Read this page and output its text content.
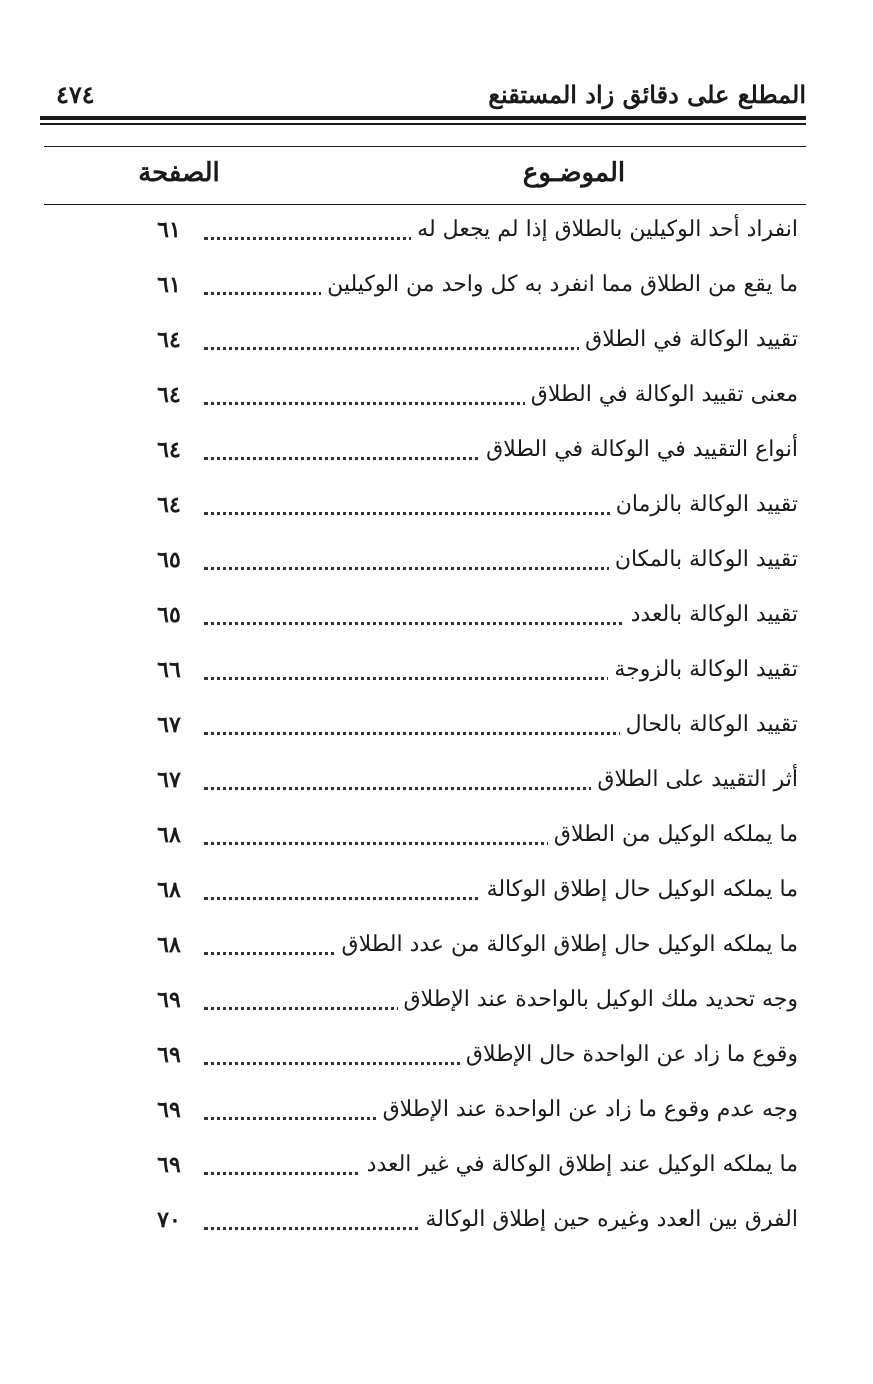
٤٧٤	المطلع على دقائق زاد المستقنع
الموضـوع
الصفحة
انفراد أحد الوكيلين بالطلاق إذا لم يجعل له
٦١
ما يقع من الطلاق مما انفرد به كل واحد من الوكيلين
٦١
تقييد الوكالة في الطلاق
٦٤
معنى تقييد الوكالة في الطلاق
٦٤
أنواع التقييد في الوكالة في الطلاق
٦٤
تقييد الوكالة بالزمان
٦٤
تقييد الوكالة بالمكان
٦٥
تقييد الوكالة بالعدد
٦٥
تقييد الوكالة بالزوجة
٦٦
تقييد الوكالة بالحال
٦٧
أثر التقييد على الطلاق
٦٧
ما يملكه الوكيل من الطلاق
٦٨
ما يملكه الوكيل حال إطلاق الوكالة
٦٨
ما يملكه الوكيل حال إطلاق الوكالة من عدد الطلاق
٦٨
وجه تحديد ملك الوكيل بالواحدة عند الإطلاق
٦٩
وقوع ما زاد عن الواحدة حال الإطلاق
٦٩
وجه عدم وقوع ما زاد عن الواحدة عند الإطلاق
٦٩
ما يملكه الوكيل عند إطلاق الوكالة في غير العدد
٦٩
الفرق بين العدد وغيره حين إطلاق الوكالة
٧٠
